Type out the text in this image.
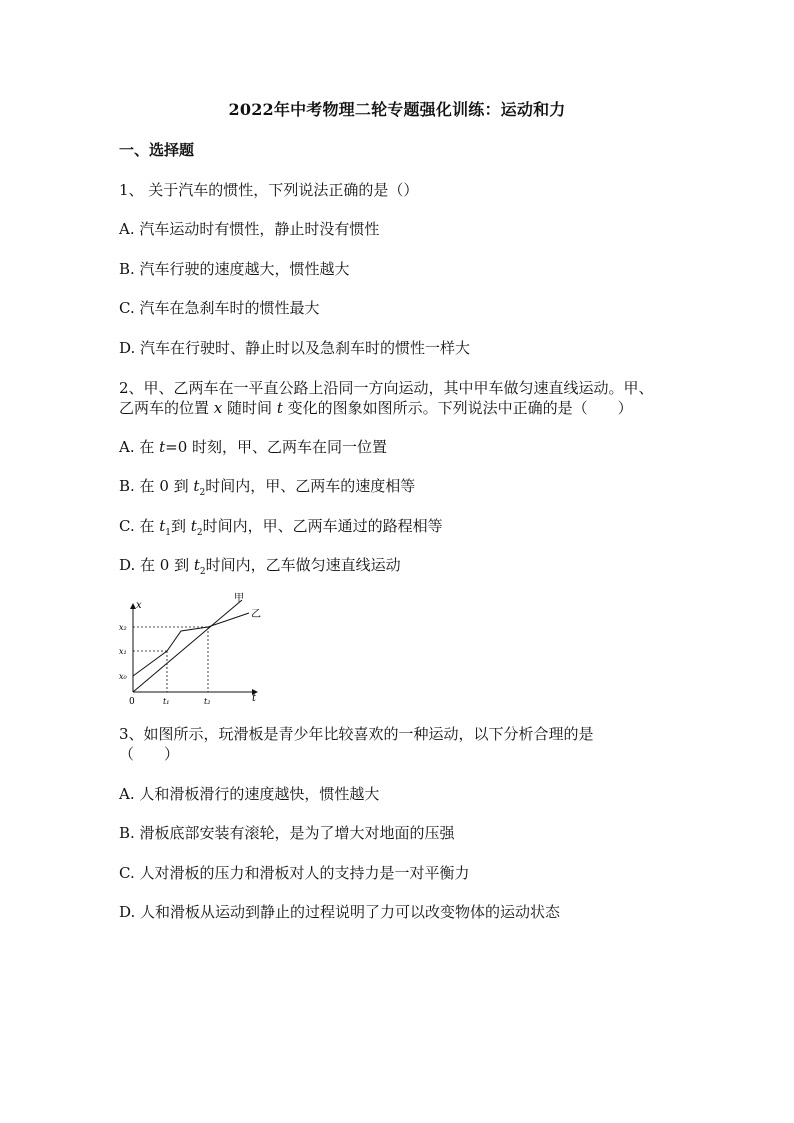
2022年中考物理二轮专题强化训练：运动和力
一、选择题
1、 关于汽车的惯性，下列说法正确的是（）
A. 汽车运动时有惯性，静止时没有惯性
B. 汽车行驶的速度越大，惯性越大
C. 汽车在急刹车时的惯性最大
D. 汽车在行驶时、静止时以及急刹车时的惯性一样大
2、甲、乙两车在一平直公路上沿同一方向运动，其中甲车做匀速直线运动。甲、
乙两车的位置 x 随时间 t 变化的图象如图所示。下列说法中正确的是（　　）
A. 在 t=0 时刻，甲、乙两车在同一位置
B. 在 0 到 $t_2$时间内，甲、乙两车的速度相等
C. 在 $t_1$到 $t_2$时间内，甲、乙两车通过的路程相等
D. 在 0 到 $t_2$时间内，乙车做匀速直线运动
x
t
0
x₂
x₁
x₀
t₁	t₂
甲
乙
3、如图所示，玩滑板是青少年比较喜欢的一种运动，以下分析合理的是
（　　）
A. 人和滑板滑行的速度越快，惯性越大
B. 滑板底部安装有滚轮，是为了增大对地面的压强
C. 人对滑板的压力和滑板对人的支持力是一对平衡力
D. 人和滑板从运动到静止的过程说明了力可以改变物体的运动状态
